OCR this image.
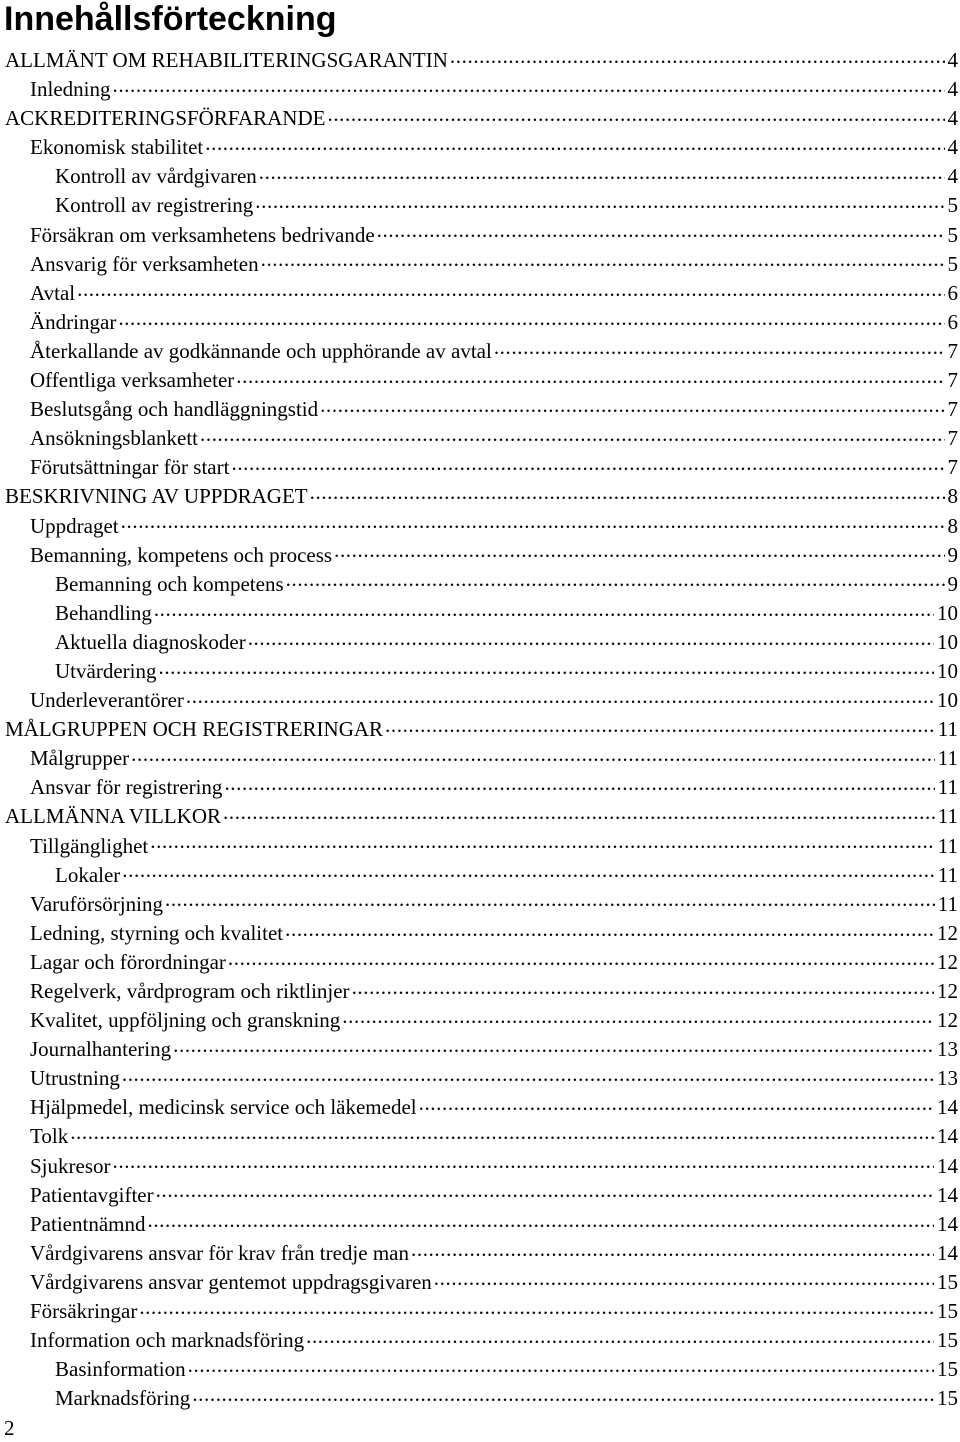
Innehållsförteckning
ALLMÄNT OM REHABILITERINGSGARANTIN .....	4
Inledning .....	4
ACKREDITERINGSFÖRFARANDE .....	4
Ekonomisk stabilitet .....	4
Kontroll av vårdgivaren .....	4
Kontroll av registrering .....	5
Försäkran om verksamhetens bedrivande .....	5
Ansvarig för verksamheten .....	5
Avtal .....	6
Ändringar .....	6
Återkallande av godkännande och upphörande av avtal .....	7
Offentliga verksamheter .....	7
Beslutsgång och handläggningstid .....	7
Ansökningsblankett .....	7
Förutsättningar för start .....	7
BESKRIVNING AV UPPDRAGET .....	8
Uppdraget .....	8
Bemanning, kompetens och process .....	9
Bemanning och kompetens .....	9
Behandling .....	10
Aktuella diagnoskoder .....	10
Utvärdering .....	10
Underleverantörer .....	10
MÅLGRUPPEN OCH REGISTRERINGAR .....	11
Målgrupper .....	11
Ansvar för registrering .....	11
ALLMÄNNA VILLKOR .....	11
Tillgänglighet .....	11
Lokaler .....	11
Varuförsörjning .....	11
Ledning, styrning och kvalitet .....	12
Lagar och förordningar .....	12
Regelverk, vårdprogram och riktlinjer .....	12
Kvalitet, uppföljning och granskning .....	12
Journalhantering .....	13
Utrustning .....	13
Hjälpmedel, medicinsk service och läkemedel .....	14
Tolk .....	14
Sjukresor .....	14
Patientavgifter .....	14
Patientnämnd .....	14
Vårdgivarens ansvar för krav från tredje man .....	14
Vårdgivarens ansvar gentemot uppdragsgivaren .....	15
Försäkringar .....	15
Information och marknadsföring .....	15
Basinformation .....	15
Marknadsföring .....	15
2
